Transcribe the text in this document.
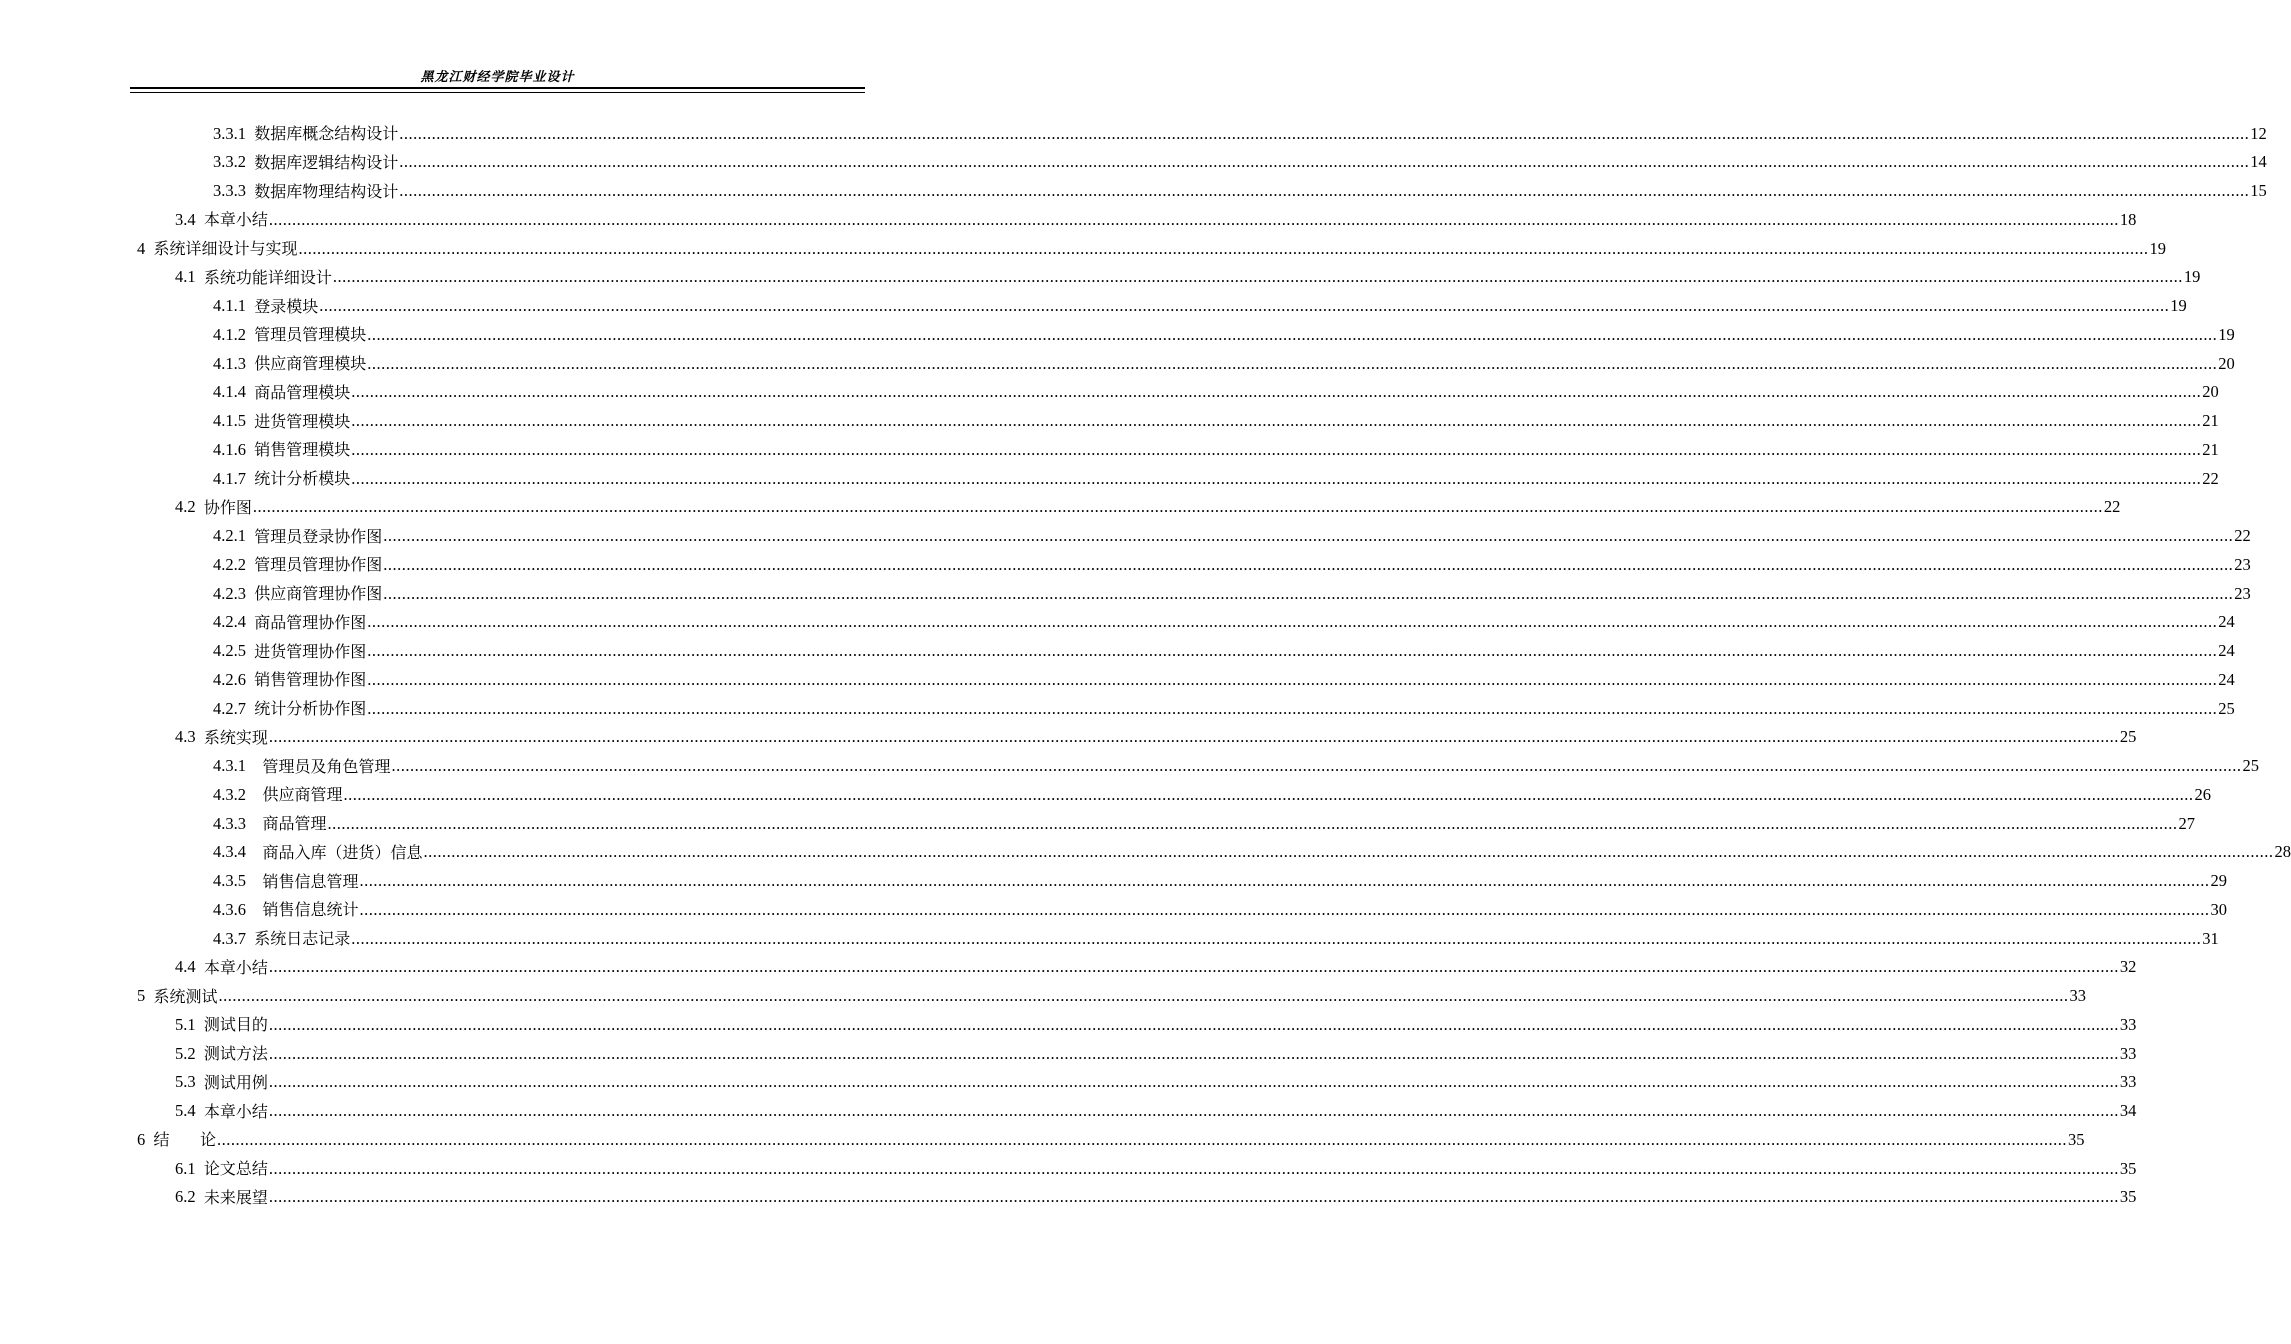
黑龙江财经学院毕业设计
3.3.1 数据库概念结构设计 ................................................................................................................................................................................................................................................................................................................................................................................................................ 12
3.3.2 数据库逻辑结构设计 ................................................................................................................................................................................................................................................................................................................................................................................................................ 14
3.3.3 数据库物理结构设计 ................................................................................................................................................................................................................................................................................................................................................................................................................ 15
3.4 本章小结 ................................................................................................................................................................................................................................................................................................................................................................................................................ 18
4 系统详细设计与实现 ................................................................................................................................................................................................................................................................................................................................................................................................................ 19
4.1 系统功能详细设计 ................................................................................................................................................................................................................................................................................................................................................................................................................ 19
4.1.1 登录模块 ................................................................................................................................................................................................................................................................................................................................................................................................................ 19
4.1.2 管理员管理模块 ................................................................................................................................................................................................................................................................................................................................................................................................................ 19
4.1.3 供应商管理模块 ................................................................................................................................................................................................................................................................................................................................................................................................................ 20
4.1.4 商品管理模块 ................................................................................................................................................................................................................................................................................................................................................................................................................ 20
4.1.5 进货管理模块 ................................................................................................................................................................................................................................................................................................................................................................................................................ 21
4.1.6 销售管理模块 ................................................................................................................................................................................................................................................................................................................................................................................................................ 21
4.1.7 统计分析模块 ................................................................................................................................................................................................................................................................................................................................................................................................................ 22
4.2 协作图 ................................................................................................................................................................................................................................................................................................................................................................................................................ 22
4.2.1 管理员登录协作图 ................................................................................................................................................................................................................................................................................................................................................................................................................ 22
4.2.2 管理员管理协作图 ................................................................................................................................................................................................................................................................................................................................................................................................................ 23
4.2.3 供应商管理协作图 ................................................................................................................................................................................................................................................................................................................................................................................................................ 23
4.2.4 商品管理协作图 ................................................................................................................................................................................................................................................................................................................................................................................................................ 24
4.2.5 进货管理协作图 ................................................................................................................................................................................................................................................................................................................................................................................................................ 24
4.2.6 销售管理协作图 ................................................................................................................................................................................................................................................................................................................................................................................................................ 24
4.2.7 统计分析协作图 ................................................................................................................................................................................................................................................................................................................................................................................................................ 25
4.3 系统实现 ................................................................................................................................................................................................................................................................................................................................................................................................................ 25
4.3.1 管理员及角色管理 ................................................................................................................................................................................................................................................................................................................................................................................................................ 25
4.3.2 供应商管理 ................................................................................................................................................................................................................................................................................................................................................................................................................ 26
4.3.3 商品管理 ................................................................................................................................................................................................................................................................................................................................................................................................................ 27
4.3.4 商品入库（进货）信息 ................................................................................................................................................................................................................................................................................................................................................................................................................ 28
4.3.5 销售信息管理 ................................................................................................................................................................................................................................................................................................................................................................................................................ 29
4.3.6 销售信息统计 ................................................................................................................................................................................................................................................................................................................................................................................................................ 30
4.3.7 系统日志记录 ................................................................................................................................................................................................................................................................................................................................................................................................................ 31
4.4 本章小结 ................................................................................................................................................................................................................................................................................................................................................................................................................ 32
5 系统测试 ................................................................................................................................................................................................................................................................................................................................................................................................................ 33
5.1 测试目的 ................................................................................................................................................................................................................................................................................................................................................................................................................ 33
5.2 测试方法 ................................................................................................................................................................................................................................................................................................................................................................................................................ 33
5.3 测试用例 ................................................................................................................................................................................................................................................................................................................................................................................................................ 33
5.4 本章小结 ................................................................................................................................................................................................................................................................................................................................................................................................................ 34
6 结      论 ................................................................................................................................................................................................................................................................................................................................................................................................................ 35
6.1 论文总结 ................................................................................................................................................................................................................................................................................................................................................................................................................ 35
6.2 未来展望 ................................................................................................................................................................................................................................................................................................................................................................................................................ 35
